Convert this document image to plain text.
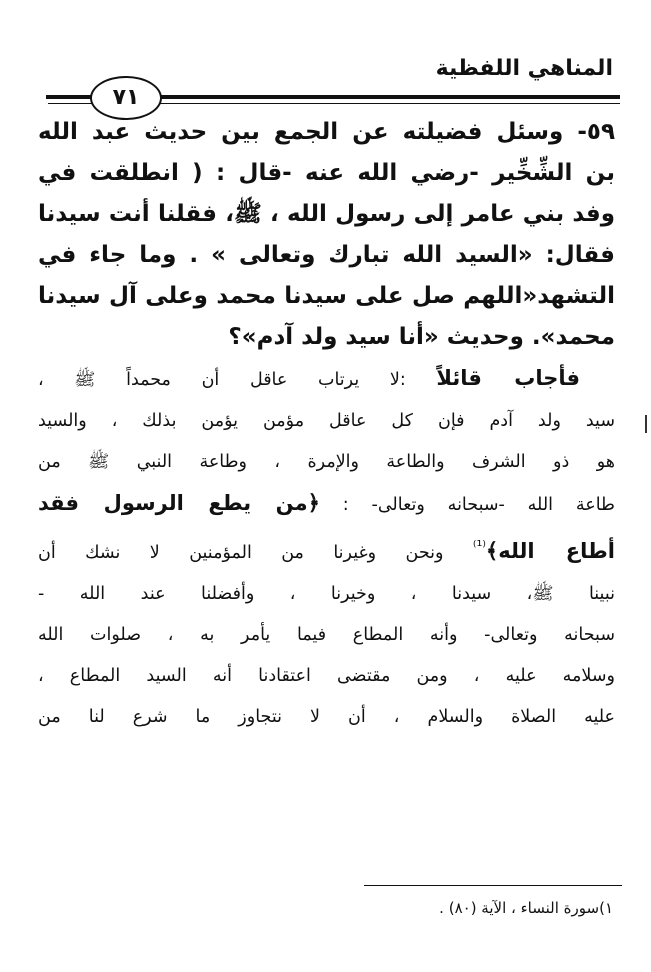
المناهي اللفظية
٧١
٥٩- وسئل فضيلته عن الجمع بين حديث عبد الله
بن الشِّخِّير -رضي الله عنه -قال : ( انطلقت في
وفد بني عامر إلى رسول الله ، ﷺ، فقلنا أنت سيدنا
فقال: «السيد الله تبارك وتعالى » . وما جاء في
التشهد«اللهم صل على سيدنا محمد وعلى آل سيدنا
محمد». وحديث «أنا سيد ولد آدم»؟
  فأجاب قائلاً :لا يرتاب عاقل أن محمداً ﷺ ،
سيد ولد آدم فإن كل عاقل مؤمن يؤمن بذلك ، والسيد
هو ذو الشرف والطاعة والإمرة ، وطاعة النبي ﷺ من
طاعة الله -سبحانه وتعالى- : ﴿من يطع الرسول فقد
أطاع الله﴾$^{^{(1)}}$ ونحن وغيرنا من المؤمنين لا نشك أن
نبينا ﷺ، سيدنا ، وخيرنا ، وأفضلنا عند الله -
سبحانه وتعالى- وأنه المطاع فيما يأمر به ، صلوات الله
وسلامه عليه ، ومن مقتضى اعتقادنا أنه السيد المطاع ،
عليه الصلاة والسلام ، أن لا نتجاوز ما شرع لنا من
١)سورة النساء ، الآية (٨٠) .
